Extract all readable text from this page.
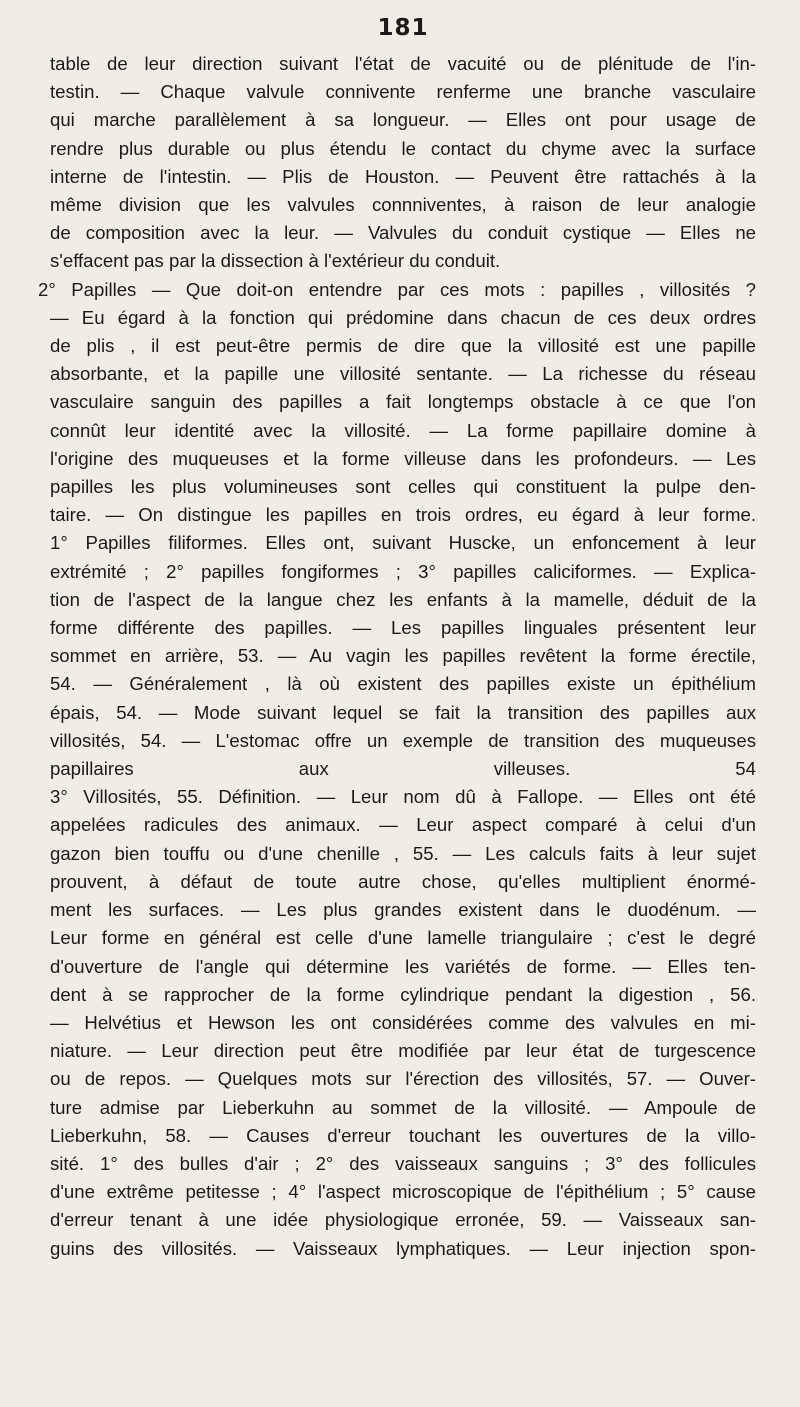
181
table de leur direction suivant l'état de vacuité ou de plénitude de l'in-
testin. — Chaque valvule connivente renferme une branche vasculaire
qui marche parallèlement à sa longueur. — Elles ont pour usage de
rendre plus durable ou plus étendu le contact du chyme avec la surface
interne de l'intestin. — Plis de Houston. — Peuvent être rattachés à la
même division que les valvules connniventes, à raison de leur analogie
de composition avec la leur. — Valvules du conduit cystique — Elles ne
s'effacent pas par la dissection à l'extérieur du conduit.
2° Papilles — Que doit-on entendre par ces mots : papilles , villosités ?
— Eu égard à la fonction qui prédomine dans chacun de ces deux ordres
de plis , il est peut-être permis de dire que la villosité est une papille
absorbante, et la papille une villosité sentante. — La richesse du réseau
vasculaire sanguin des papilles a fait longtemps obstacle à ce que l'on
connût leur identité avec la villosité. — La forme papillaire domine à
l'origine des muqueuses et la forme villeuse dans les profondeurs. — Les
papilles les plus volumineuses sont celles qui constituent la pulpe den-
taire. — On distingue les papilles en trois ordres, eu égard à leur forme.
1° Papilles filiformes. Elles ont, suivant Huscke, un enfoncement à leur
extrémité ; 2° papilles fongiformes ; 3° papilles caliciformes. — Explica-
tion de l'aspect de la langue chez les enfants à la mamelle, déduit de la
forme différente des papilles. — Les papilles linguales présentent leur
sommet en arrière, 53. — Au vagin les papilles revêtent la forme érectile,
54. — Généralement , là où existent des papilles existe un épithélium
épais, 54. — Mode suivant lequel se fait la transition des papilles aux
villosités, 54. — L'estomac offre un exemple de transition des muqueuses
papillaires aux villeuses. 54
3° Villosités, 55. Définition. — Leur nom dû à Fallope. — Elles ont été
appelées radicules des animaux. — Leur aspect comparé à celui d'un
gazon bien touffu ou d'une chenille , 55. — Les calculs faits à leur sujet
prouvent, à défaut de toute autre chose, qu'elles multiplient énormé-
ment les surfaces. — Les plus grandes existent dans le duodénum. —
Leur forme en général est celle d'une lamelle triangulaire ; c'est le degré
d'ouverture de l'angle qui détermine les variétés de forme. — Elles ten-
dent à se rapprocher de la forme cylindrique pendant la digestion , 56.
— Helvétius et Hewson les ont considérées comme des valvules en mi-
niature. — Leur direction peut être modifiée par leur état de turgescence
ou de repos. — Quelques mots sur l'érection des villosités, 57. — Ouver-
ture admise par Lieberkuhn au sommet de la villosité. — Ampoule de
Lieberkuhn, 58. — Causes d'erreur touchant les ouvertures de la villo-
sité. 1° des bulles d'air ; 2° des vaisseaux sanguins ; 3° des follicules
d'une extrême petitesse ; 4° l'aspect microscopique de l'épithélium ; 5° cause
d'erreur tenant à une idée physiologique erronée, 59. — Vaisseaux san-
guins des villosités. — Vaisseaux lymphatiques. — Leur injection spon-
